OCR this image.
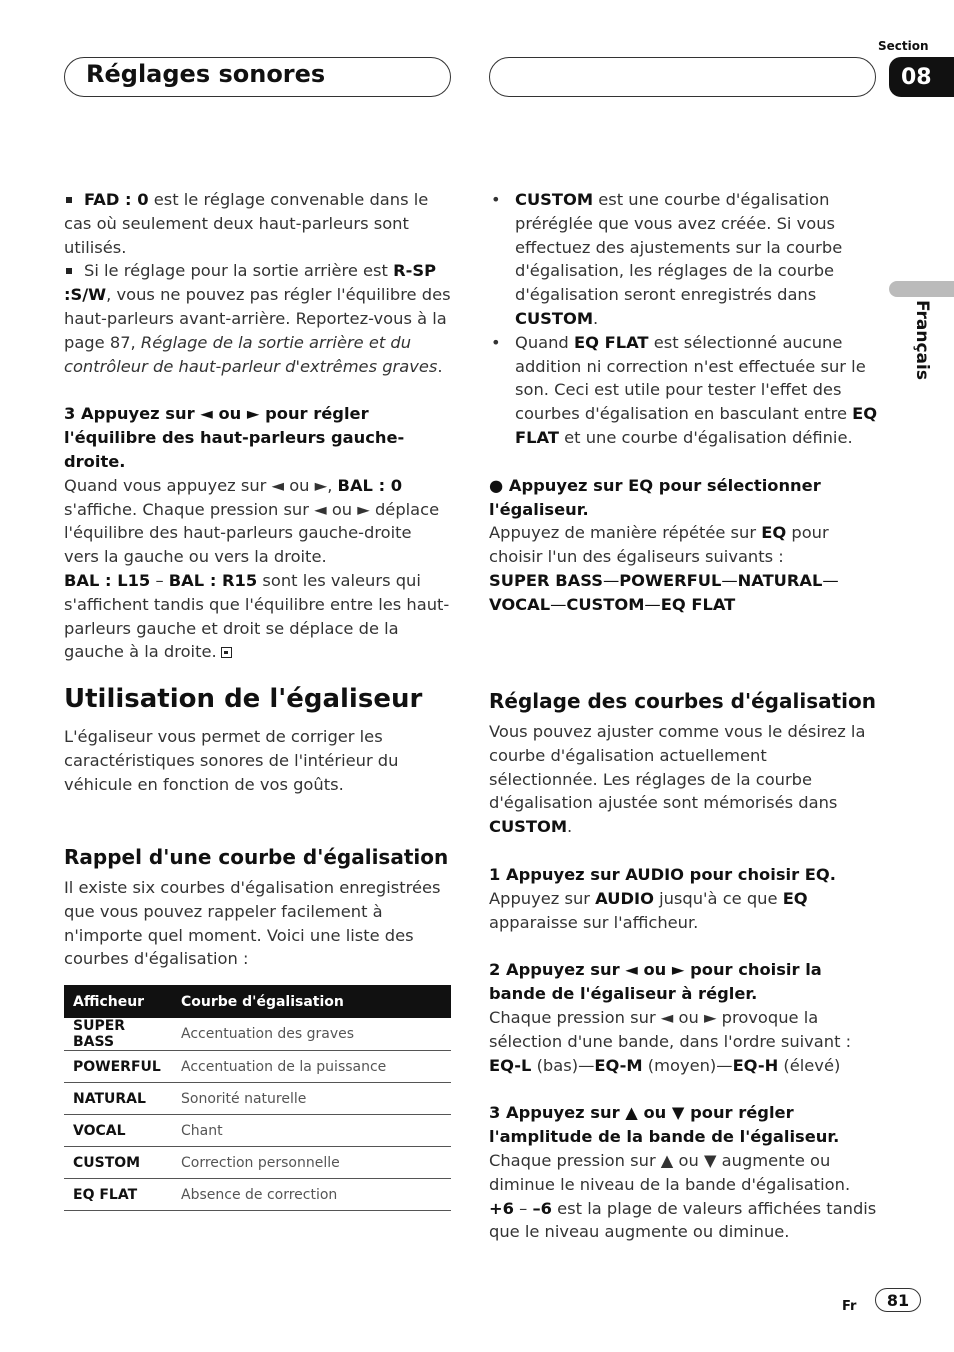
Réglages sonores
Section
08
Français

FAD : 0 est le réglage convenable dans le cas où seulement deux haut-parleurs sont utilisés.

Si le réglage pour la sortie arrière est R-SP :S/W, vous ne pouvez pas régler l'équilibre des haut-parleurs avant-arrière. Reportez-vous à la page 87, Réglage de la sortie arrière et du contrôleur de haut-parleur d'extrêmes graves.

3 Appuyez sur ◄ ou ► pour régler l'équilibre des haut-parleurs gauche-droite.

Quand vous appuyez sur ◄ ou ►, BAL : 0 s'affiche. Chaque pression sur ◄ ou ► déplace l'équilibre des haut-parleurs gauche-droite vers la gauche ou vers la droite.

BAL : L15 – BAL : R15 sont les valeurs qui s'affichent tandis que l'équilibre entre les haut-parleurs gauche et droit se déplace de la gauche à la droite.

Utilisation de l'égaliseur

L'égaliseur vous permet de corriger les caractéristiques sonores de l'intérieur du véhicule en fonction de vos goûts.

Rappel d'une courbe d'égalisation

Il existe six courbes d'égalisation enregistrées que vous pouvez rappeler facilement à n'importe quel moment. Voici une liste des courbes d'égalisation :

Afficheur	Courbe d'égalisation
SUPER BASS	Accentuation des graves
POWERFUL	Accentuation de la puissance
NATURAL	Sonorité naturelle
VOCAL	Chant
CUSTOM	Correction personnelle
EQ FLAT	Absence de correction

• CUSTOM est une courbe d'égalisation préréglée que vous avez créée. Si vous effectuez des ajustements sur la courbe d'égalisation, les réglages de la courbe d'égalisation seront enregistrés dans CUSTOM.

• Quand EQ FLAT est sélectionné aucune addition ni correction n'est effectuée sur le son. Ceci est utile pour tester l'effet des courbes d'égalisation en basculant entre EQ FLAT et une courbe d'égalisation définie.

● Appuyez sur EQ pour sélectionner l'égaliseur.

Appuyez de manière répétée sur EQ pour choisir l'un des égaliseurs suivants :

SUPER BASS—POWERFUL—NATURAL—
VOCAL—CUSTOM—EQ FLAT

Réglage des courbes d'égalisation

Vous pouvez ajuster comme vous le désirez la courbe d'égalisation actuellement sélectionnée. Les réglages de la courbe d'égalisation ajustée sont mémorisés dans CUSTOM.

1 Appuyez sur AUDIO pour choisir EQ.

Appuyez sur AUDIO jusqu'à ce que EQ apparaisse sur l'afficheur.

2 Appuyez sur ◄ ou ► pour choisir la bande de l'égaliseur à régler.

Chaque pression sur ◄ ou ► provoque la sélection d'une bande, dans l'ordre suivant :

EQ-L (bas)—EQ-M (moyen)—EQ-H (élevé)

3 Appuyez sur ▲ ou ▼ pour régler l'amplitude de la bande de l'égaliseur.

Chaque pression sur ▲ ou ▼ augmente ou diminue le niveau de la bande d'égalisation.

+6 – –6 est la plage de valeurs affichées tandis que le niveau augmente ou diminue.

Fr 81
